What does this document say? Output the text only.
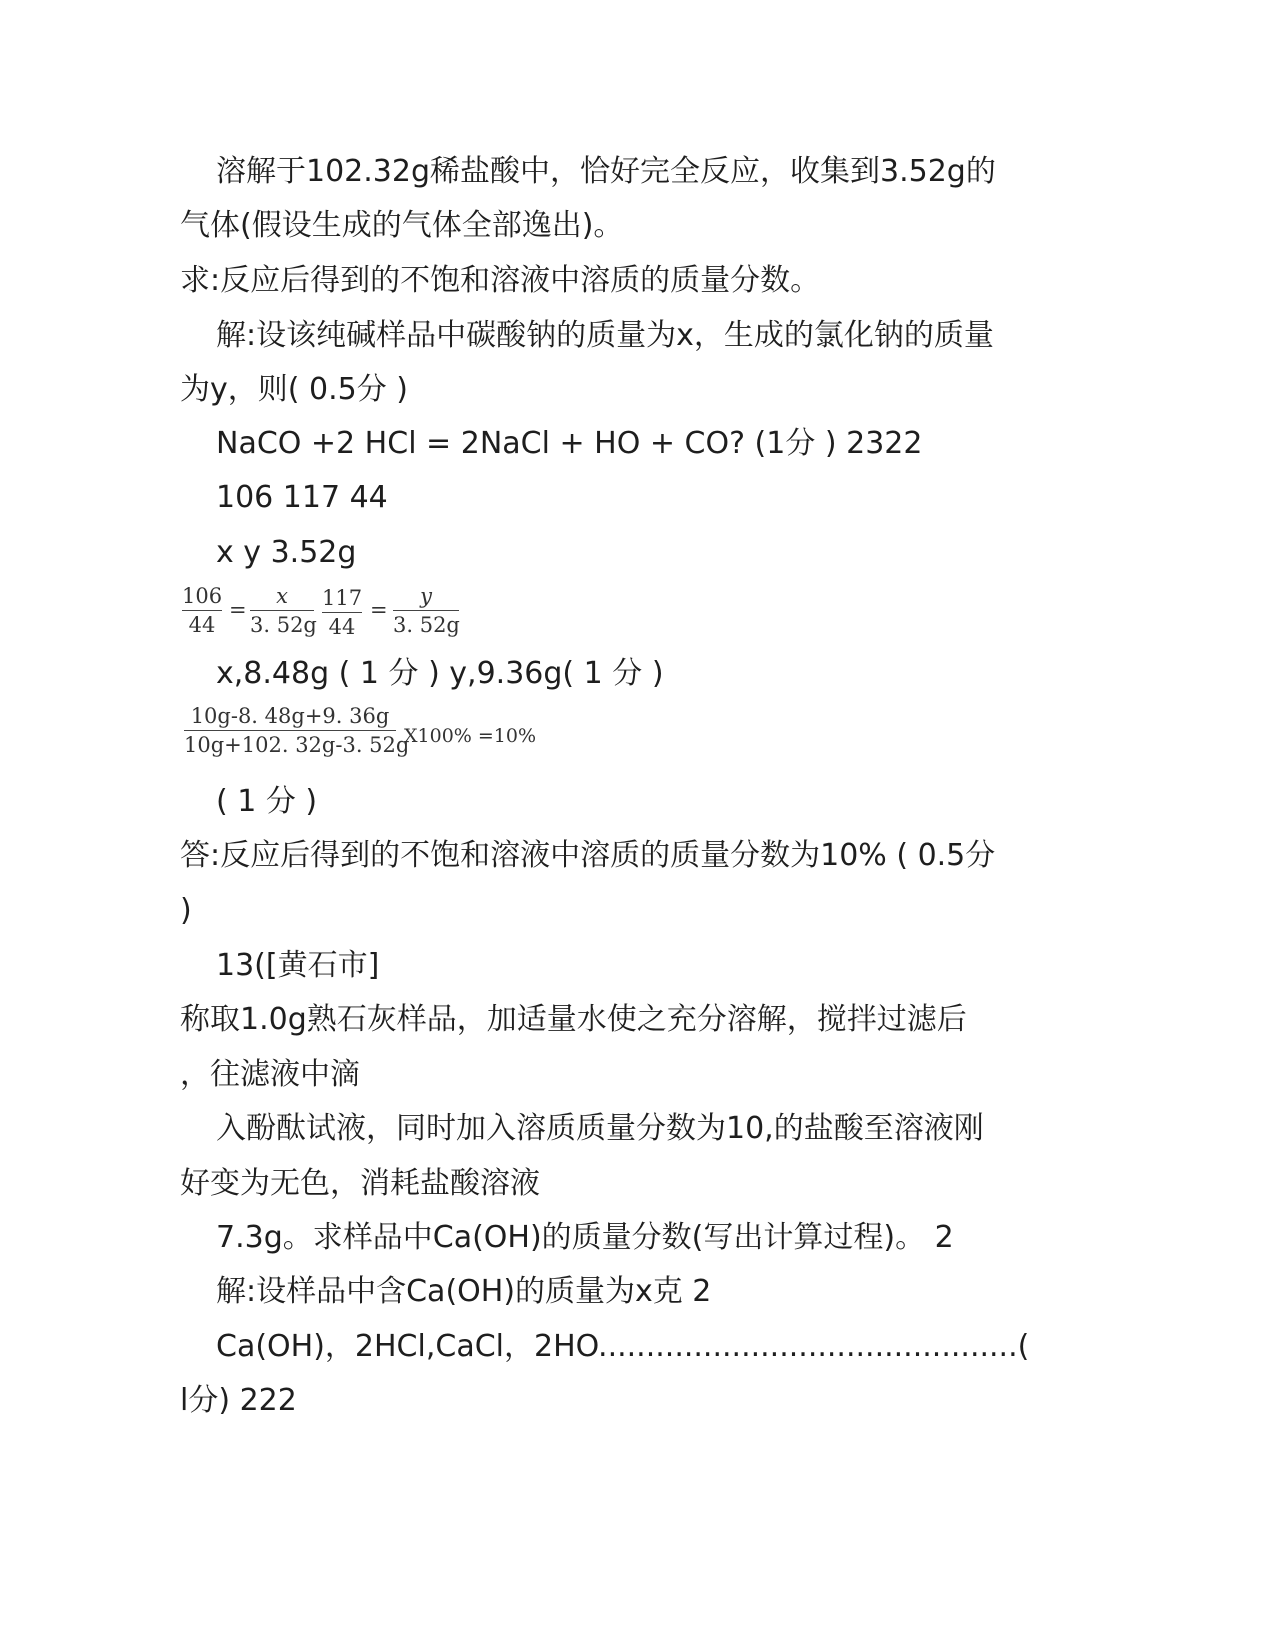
溶解于102.32g稀盐酸中，恰好完全反应，收集到3.52g的
气体(假设生成的气体全部逸出)。
求:反应后得到的不饱和溶液中溶质的质量分数。
解:设该纯碱样品中碳酸钠的质量为x，生成的氯化钠的质量
为y，则( 0.5分 )
NaCO +2 HCl = 2NaCl + HO + CO? (1分 ) 2322
106 117 44
x y 3.52g
106
44
=
x
3. 52g
117
44
=
y
3. 52g
x,8.48g ( 1 分 ) y,9.36g( 1 分 )
10g-8. 48g+9. 36g
10g+102. 32g-3. 52g
X100% =10%
( 1 分 )
答:反应后得到的不饱和溶液中溶质的质量分数为10% ( 0.5分
)
13([黄石市]
称取1.0g熟石灰样品，加适量水使之充分溶解，搅拌过滤后
，往滤液中滴
入酚酞试液，同时加入溶质质量分数为10,的盐酸至溶液刚
好变为无色，消耗盐酸溶液
7.3g。求样品中Ca(OH)的质量分数(写出计算过程)。 2
解:设样品中含Ca(OH)的质量为x克 2
Ca(OH)，2HCl,CaCl，2HO............................................(
l分) 222
